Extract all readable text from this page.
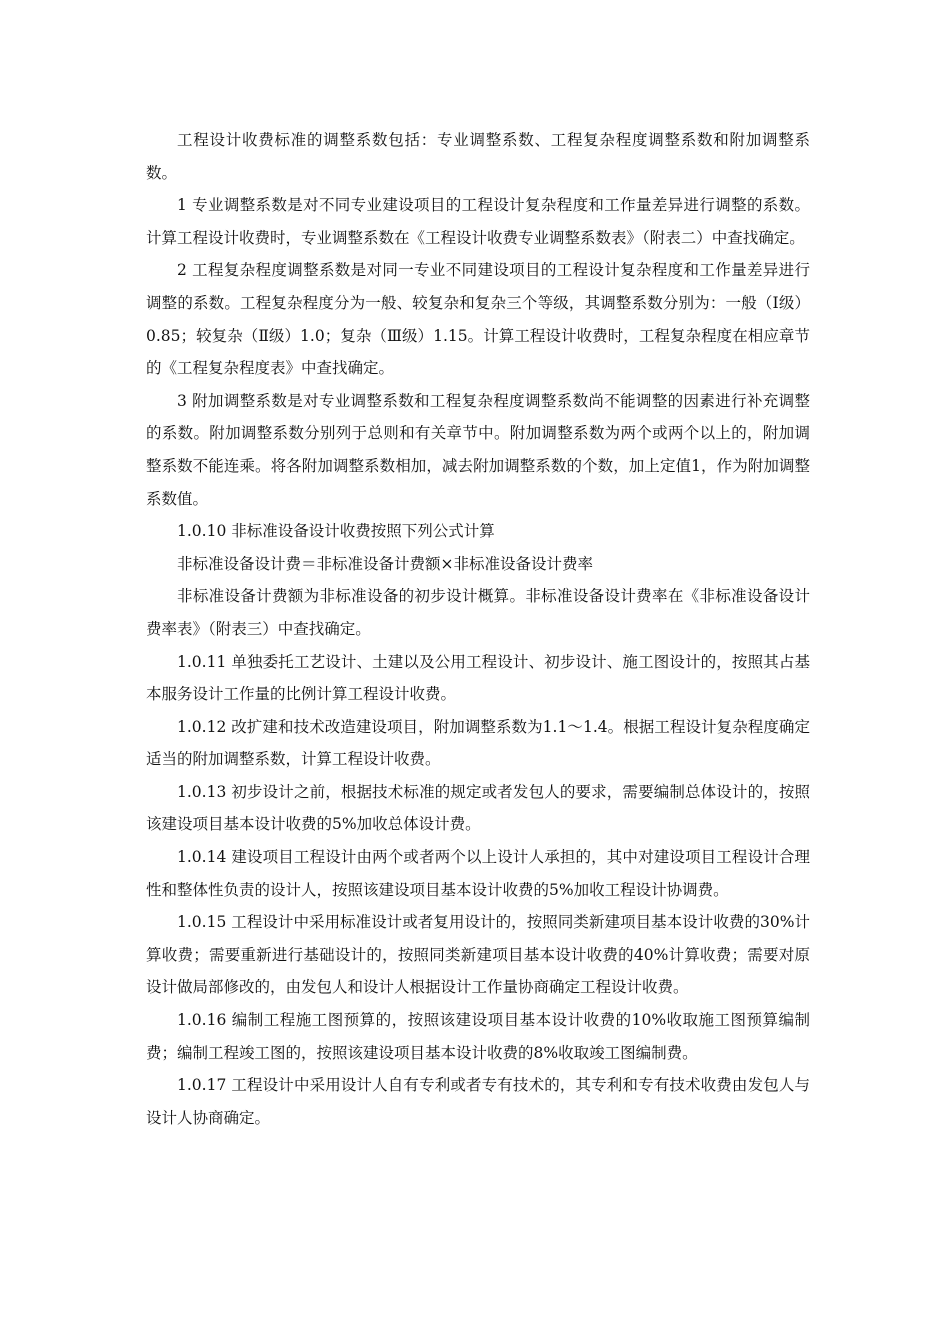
工程设计收费标准的调整系数包括：专业调整系数、工程复杂程度调整系数和附加调整系数。

1 专业调整系数是对不同专业建设项目的工程设计复杂程度和工作量差异进行调整的系数。计算工程设计收费时，专业调整系数在《工程设计收费专业调整系数表》（附表二）中查找确定。

2 工程复杂程度调整系数是对同一专业不同建设项目的工程设计复杂程度和工作量差异进行调整的系数。工程复杂程度分为一般、较复杂和复杂三个等级，其调整系数分别为：一般（Ⅰ级）0.85；较复杂（Ⅱ级）1.0；复杂（Ⅲ级）1.15。计算工程设计收费时，工程复杂程度在相应章节的《工程复杂程度表》中查找确定。

3 附加调整系数是对专业调整系数和工程复杂程度调整系数尚不能调整的因素进行补充调整的系数。附加调整系数分别列于总则和有关章节中。附加调整系数为两个或两个以上的，附加调整系数不能连乘。将各附加调整系数相加，减去附加调整系数的个数，加上定值1，作为附加调整系数值。

1.0.10 非标准设备设计收费按照下列公式计算

非标准设备设计费＝非标准设备计费额×非标准设备设计费率

非标准设备计费额为非标准设备的初步设计概算。非标准设备设计费率在《非标准设备设计费率表》（附表三）中查找确定。

1.0.11 单独委托工艺设计、土建以及公用工程设计、初步设计、施工图设计的，按照其占基本服务设计工作量的比例计算工程设计收费。

1.0.12 改扩建和技术改造建设项目，附加调整系数为1.1～1.4。根据工程设计复杂程度确定适当的附加调整系数，计算工程设计收费。

1.0.13 初步设计之前，根据技术标准的规定或者发包人的要求，需要编制总体设计的，按照该建设项目基本设计收费的5%加收总体设计费。

1.0.14 建设项目工程设计由两个或者两个以上设计人承担的，其中对建设项目工程设计合理性和整体性负责的设计人，按照该建设项目基本设计收费的5%加收工程设计协调费。

1.0.15 工程设计中采用标准设计或者复用设计的，按照同类新建项目基本设计收费的30%计算收费；需要重新进行基础设计的，按照同类新建项目基本设计收费的40%计算收费；需要对原设计做局部修改的，由发包人和设计人根据设计工作量协商确定工程设计收费。

1.0.16 编制工程施工图预算的，按照该建设项目基本设计收费的10%收取施工图预算编制费；编制工程竣工图的，按照该建设项目基本设计收费的8%收取竣工图编制费。

1.0.17 工程设计中采用设计人自有专利或者专有技术的，其专利和专有技术收费由发包人与设计人协商确定。
